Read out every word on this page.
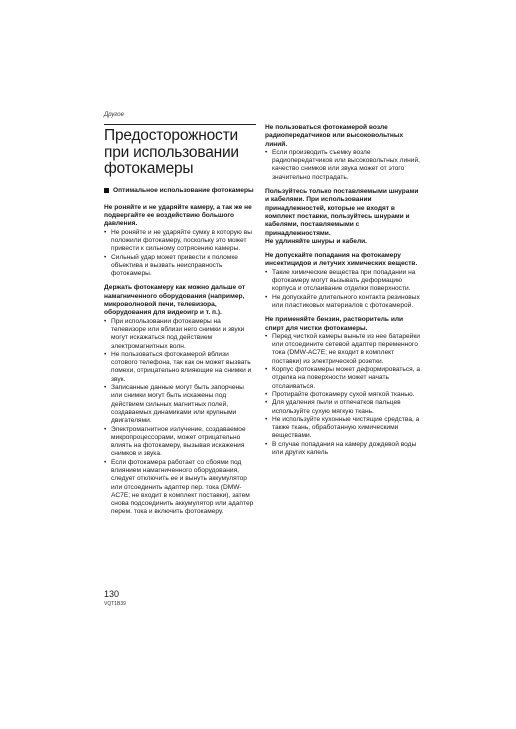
Другое
Предосторожности при использовании фотокамеры
Оптимальное использование фотокамеры
Не роняйте и не ударяйте камеру, а так же не подвергайте ее воздействию большого давления.
• Не роняйте и не ударяйте сумку в которую вы положили фотокамеру, поскольку это может привести к сильному сотрясению камеры.
• Сильный удар может привести к поломке объектива и вызвать неисправность фотокамеры.
Держать фотокамеру как можно дальше от намагниченного оборудования (например, микроволновой печи, телевизора, оборудования для видеоигр и т. п.).
• При использовании фотокамеры на телевизоре или вблизи него снимки и звуки могут искажаться под действием электромагнитных волн.
• Не пользоваться фотокамерой вблизи сотового телефона, так как он может вызвать помехи, отрицательно влияющие на снимки и звук.
• Записанные данные могут быть запорчены или снимки могут быть искажены под действием сильных магнитных полей, создаваемых динамиками или крупными двигателями.
• Электромагнитное излучение, создаваемое микропроцессорами, может отрицательно влиять на фотокамеру, вызывая искажения снимков и звука.
• Если фотокамера работает со сбоями под влиянием намагниченного оборудования, следует отключить ее и вынуть аккумулятор или отсоединить адаптер пер. тока (DMW-AC7E; не входит в комплект поставки), затем снова подсоединить аккумулятор или адаптер перем. тока и включить фотокамеру.
Не пользоваться фотокамерой возле радиопередатчиков или высоковольтных линий.
• Если производить съемку возле радиопередатчиков или высоковольтных линий, качество снимков или звука может от этого значительно пострадать.
Пользуйтесь только поставляемыми шнурами и кабелями. При использовании принадлежностей, которые не входят в комплект поставки, пользуйтесь шнурами и кабелями, поставляемыми с принадлежностями.
Не удлиняйте шнуры и кабели.
Не допускайте попадания на фотокамеру инсектицидов и летучих химических веществ.
• Такие химические вещества при попадании на фотокамеру могут вызывать деформацию корпуса и отслаивание отделки поверхности.
• Не допускайте длительного контакта резиновых или пластиковых материалов с фотокамерой.
Не применяйте бензин, растворитель или спирт для чистки фотокамеры.
• Перед чисткой камеры выньте из нее батарейки или отсоедините сетевой адаптер переменного тока (DMW-AC7E; не входит в комплект поставки) из электрической розетки.
• Корпус фотокамеры может деформироваться, а отделка на поверхности может начать отслаиваться.
• Протирайте фотокамеру сухой мягкой тканью.
• Для удаления пыли и отпечатков пальцев используйте сухую мягкую ткань.
• Не используйте кухонные чистящие средства, а также ткань, обработанную химическими веществами.
• В случае попадания на камеру дождевой воды или других капель
130
VQT1B39
